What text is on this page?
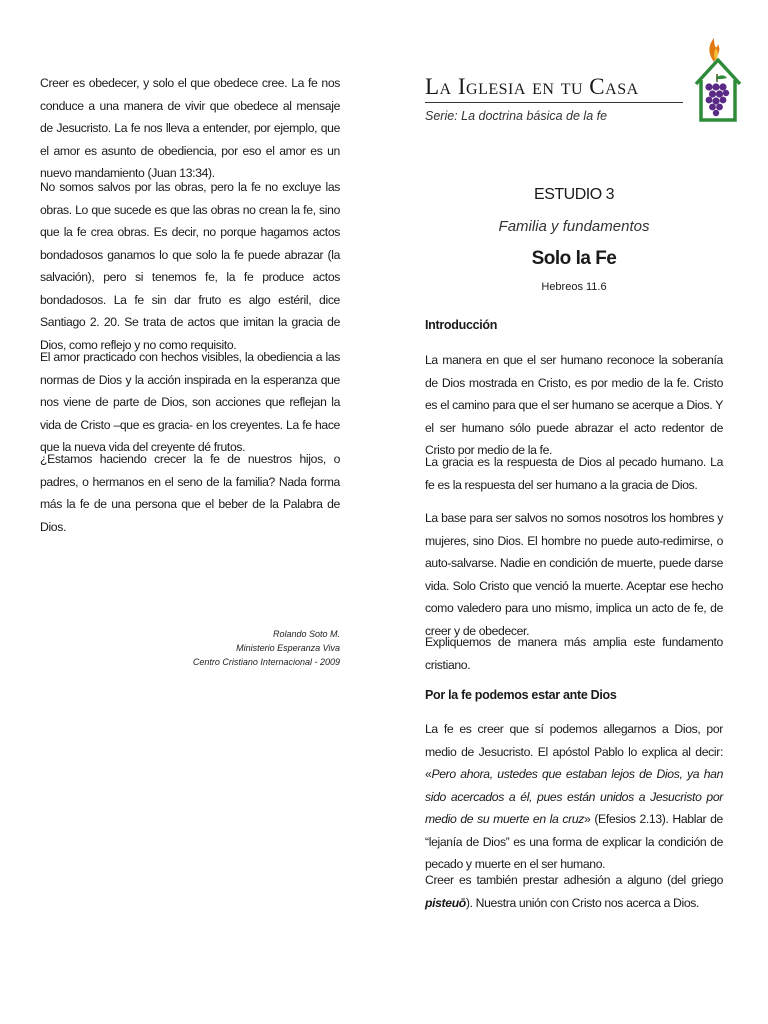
Creer es obedecer, y solo el que obedece cree. La fe nos conduce a una manera de vivir que obedece al mensaje de Jesucristo. La fe nos lleva a entender, por ejemplo, que el amor es asunto de obediencia, por eso el amor es un nuevo mandamiento (Juan 13:34).

No somos salvos por las obras, pero la fe no excluye las obras. Lo que sucede es que las obras no crean la fe, sino que la fe crea obras. Es decir, no porque hagamos actos bondadosos ganamos lo que solo la fe puede abrazar (la salvación), pero si tenemos fe, la fe produce actos bondadosos. La fe sin dar fruto es algo estéril, dice Santiago 2. 20. Se trata de actos que imitan la gracia de Dios, como reflejo y no como requisito.

El amor practicado con hechos visibles, la obediencia a las normas de Dios y la acción inspirada en la esperanza que nos viene de parte de Dios, son acciones que reflejan la vida de Cristo –que es gracia- en los creyentes. La fe hace que la nueva vida del creyente dé frutos.

¿Estamos haciendo crecer la fe de nuestros hijos, o padres, o hermanos en el seno de la familia? Nada forma más la fe de una persona que el beber de la Palabra de Dios.

Rolando Soto M.
Ministerio Esperanza Viva
Centro Cristiano Internacional - 2009
La Iglesia en tu Casa
Serie: La doctrina básica de la fe
ESTUDIO 3
Familia y fundamentos
Solo la Fe
Hebreos 11.6
Introducción

La manera en que el ser humano reconoce la soberanía de Dios mostrada en Cristo, es por medio de la fe. Cristo es el camino para que el ser humano se acerque a Dios. Y el ser humano sólo puede abrazar el acto redentor de Cristo por medio de la fe.

La gracia es la respuesta de Dios al pecado humano. La fe es la respuesta del ser humano a la gracia de Dios.

La base para ser salvos no somos nosotros los hombres y mujeres, sino Dios. El hombre no puede auto-redimirse, o auto-salvarse. Nadie en condición de muerte, puede darse vida. Solo Cristo que venció la muerte. Aceptar ese hecho como valedero para uno mismo, implica un acto de fe, de creer y de obedecer.

Expliquemos de manera más amplia este fundamento cristiano.

Por la fe podemos estar ante Dios

La fe es creer que sí podemos allegarnos a Dios, por medio de Jesucristo. El apóstol Pablo lo explica al decir: «Pero ahora, ustedes que estaban lejos de Dios, ya han sido acercados a él, pues están unidos a Jesucristo por medio de su muerte en la cruz» (Efesios 2.13). Hablar de “lejanía de Dios” es una forma de explicar la condición de pecado y muerte en el ser humano.

Creer es también prestar adhesión a alguno (del griego pisteuō). Nuestra unión con Cristo nos acerca a Dios.
